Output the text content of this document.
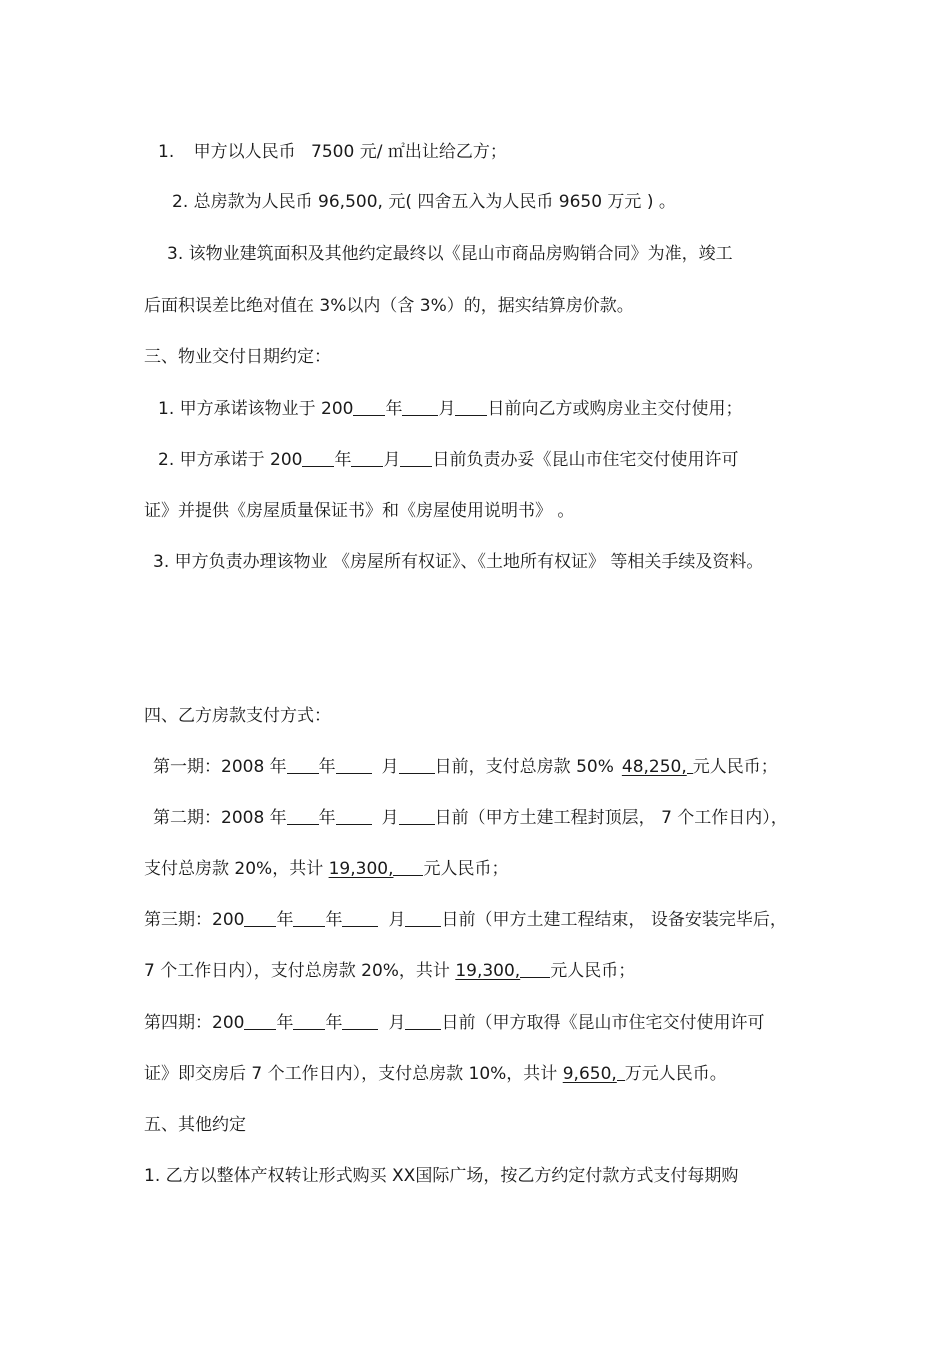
1. 甲方以人民币 7500 元/ ㎡出让给乙方；
2. 总房款为人民币 96,500, 元( 四舍五入为人民币 9650 万元 ) 。
3. 该物业建筑面积及其他约定最终以《昆山市商品房购销合同》为准，竣工
后面积误差比绝对值在 3%以内（含 3%）的，据实结算房价款。
三、物业交付日期约定：
1. 甲方承诺该物业于 200 年 月 日前向乙方或购房业主交付使用；
2. 甲方承诺于 200 年 月 日前负责办妥《昆山市住宅交付使用许可
证》并提供《房屋质量保证书》和《房屋使用说明书》 。
3. 甲方负责办理该物业 《房屋所有权证》、《土地所有权证》 等相关手续及资料。
四、乙方房款支付方式：
第一期：2008 年 年	月 日前，支付总房款 50% 48,250, 元人民币；
第二期：2008 年 年	月 日前（甲方土建工程封顶层， 7 个工作日内），
支付总房款 20%，共计 19,300, 元人民币；
第三期：200 年 年	月 日前（甲方土建工程结束， 设备安装完毕后，
7 个工作日内），支付总房款 20%，共计 19,300, 元人民币；
第四期：200 年 年	月 日前（甲方取得《昆山市住宅交付使用许可
证》即交房后 7 个工作日内），支付总房款 10%，共计 9,650, 万元人民币。
五、其他约定
1. 乙方以整体产权转让形式购买 XX国际广场，按乙方约定付款方式支付每期购
